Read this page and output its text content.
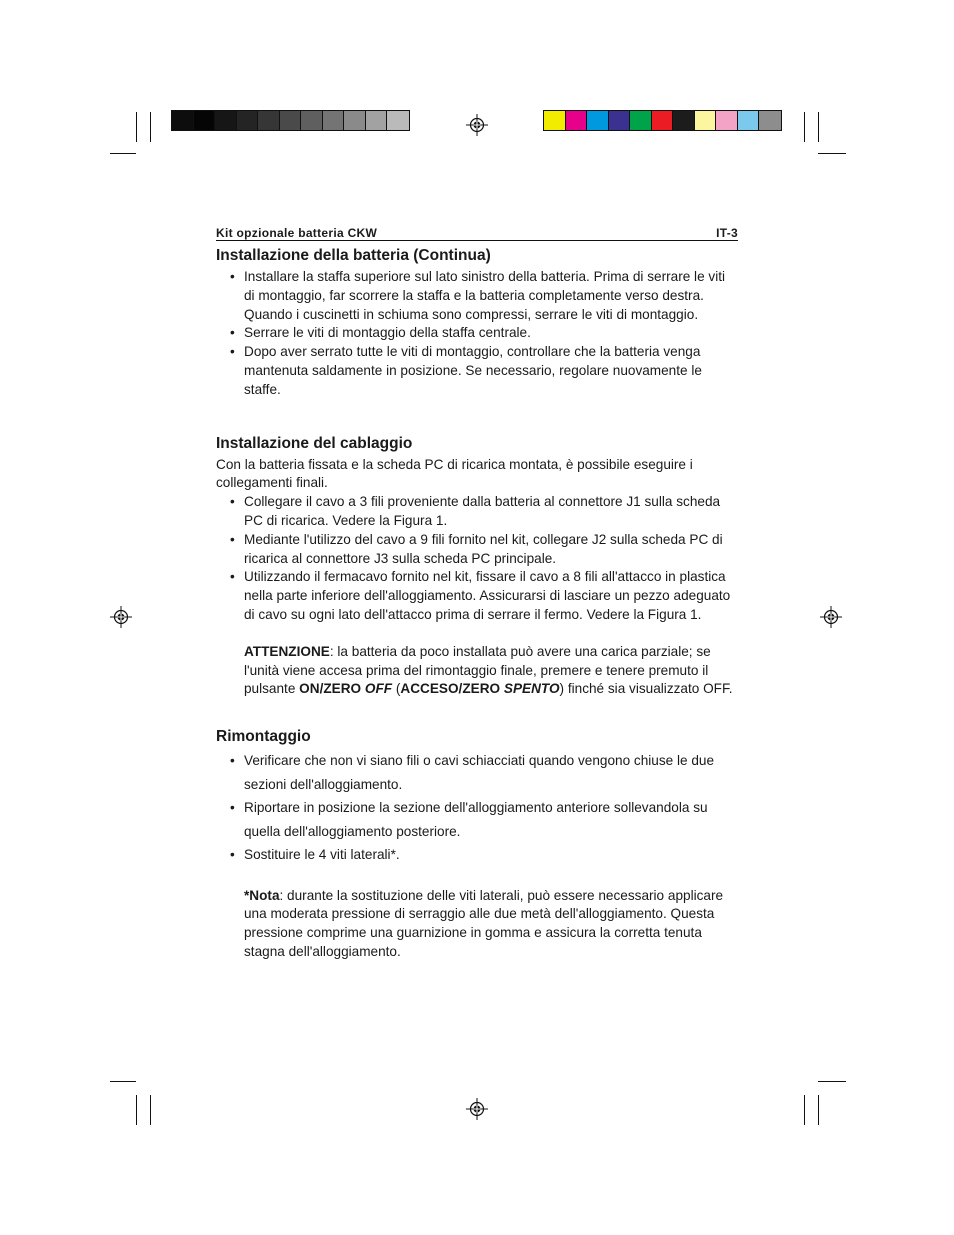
Kit opzionale batteria CKW	IT-3
Installazione della batteria (Continua)
• Installare la staffa superiore sul lato sinistro della batteria. Prima di serrare le viti di montaggio, far scorrere la staffa e la batteria completamente verso destra. Quando i cuscinetti in schiuma sono compressi, serrare le viti di montaggio.
• Serrare le viti di montaggio della staffa centrale.
• Dopo aver serrato tutte le viti di montaggio, controllare che la batteria venga mantenuta saldamente in posizione. Se necessario, regolare nuovamente le staffe.
Installazione del cablaggio

Con la batteria fissata e la scheda PC di ricarica montata, è possibile eseguire i collegamenti finali.

• Collegare il cavo a 3 fili proveniente dalla batteria al connettore J1 sulla scheda PC di ricarica. Vedere la Figura 1.
• Mediante l'utilizzo del cavo a 9 fili fornito nel kit, collegare J2 sulla scheda PC di ricarica al connettore J3 sulla scheda PC principale.
• Utilizzando il fermacavo fornito nel kit, fissare il cavo a 8 fili all'attacco in plastica nella parte inferiore dell'alloggiamento. Assicurarsi di lasciare un pezzo adeguato di cavo su ogni lato dell'attacco prima di serrare il fermo. Vedere la Figura 1.

ATTENZIONE: la batteria da poco installata può avere una carica parziale; se l'unità viene accesa prima del rimontaggio finale, premere e tenere premuto il pulsante ON/ZERO OFF (ACCESO/ZERO SPENTO) finché sia visualizzato OFF.

Rimontaggio
• Verificare che non vi siano fili o cavi schiacciati quando vengono chiuse le due sezioni dell'alloggiamento.
• Riportare in posizione la sezione dell'alloggiamento anteriore sollevandola su quella dell'alloggiamento posteriore.
• Sostituire le 4 viti laterali*.

*Nota: durante la sostituzione delle viti laterali, può essere necessario applicare una moderata pressione di serraggio alle due metà dell'alloggiamento. Questa pressione comprime una guarnizione in gomma e assicura la corretta tenuta stagna dell'alloggiamento.
